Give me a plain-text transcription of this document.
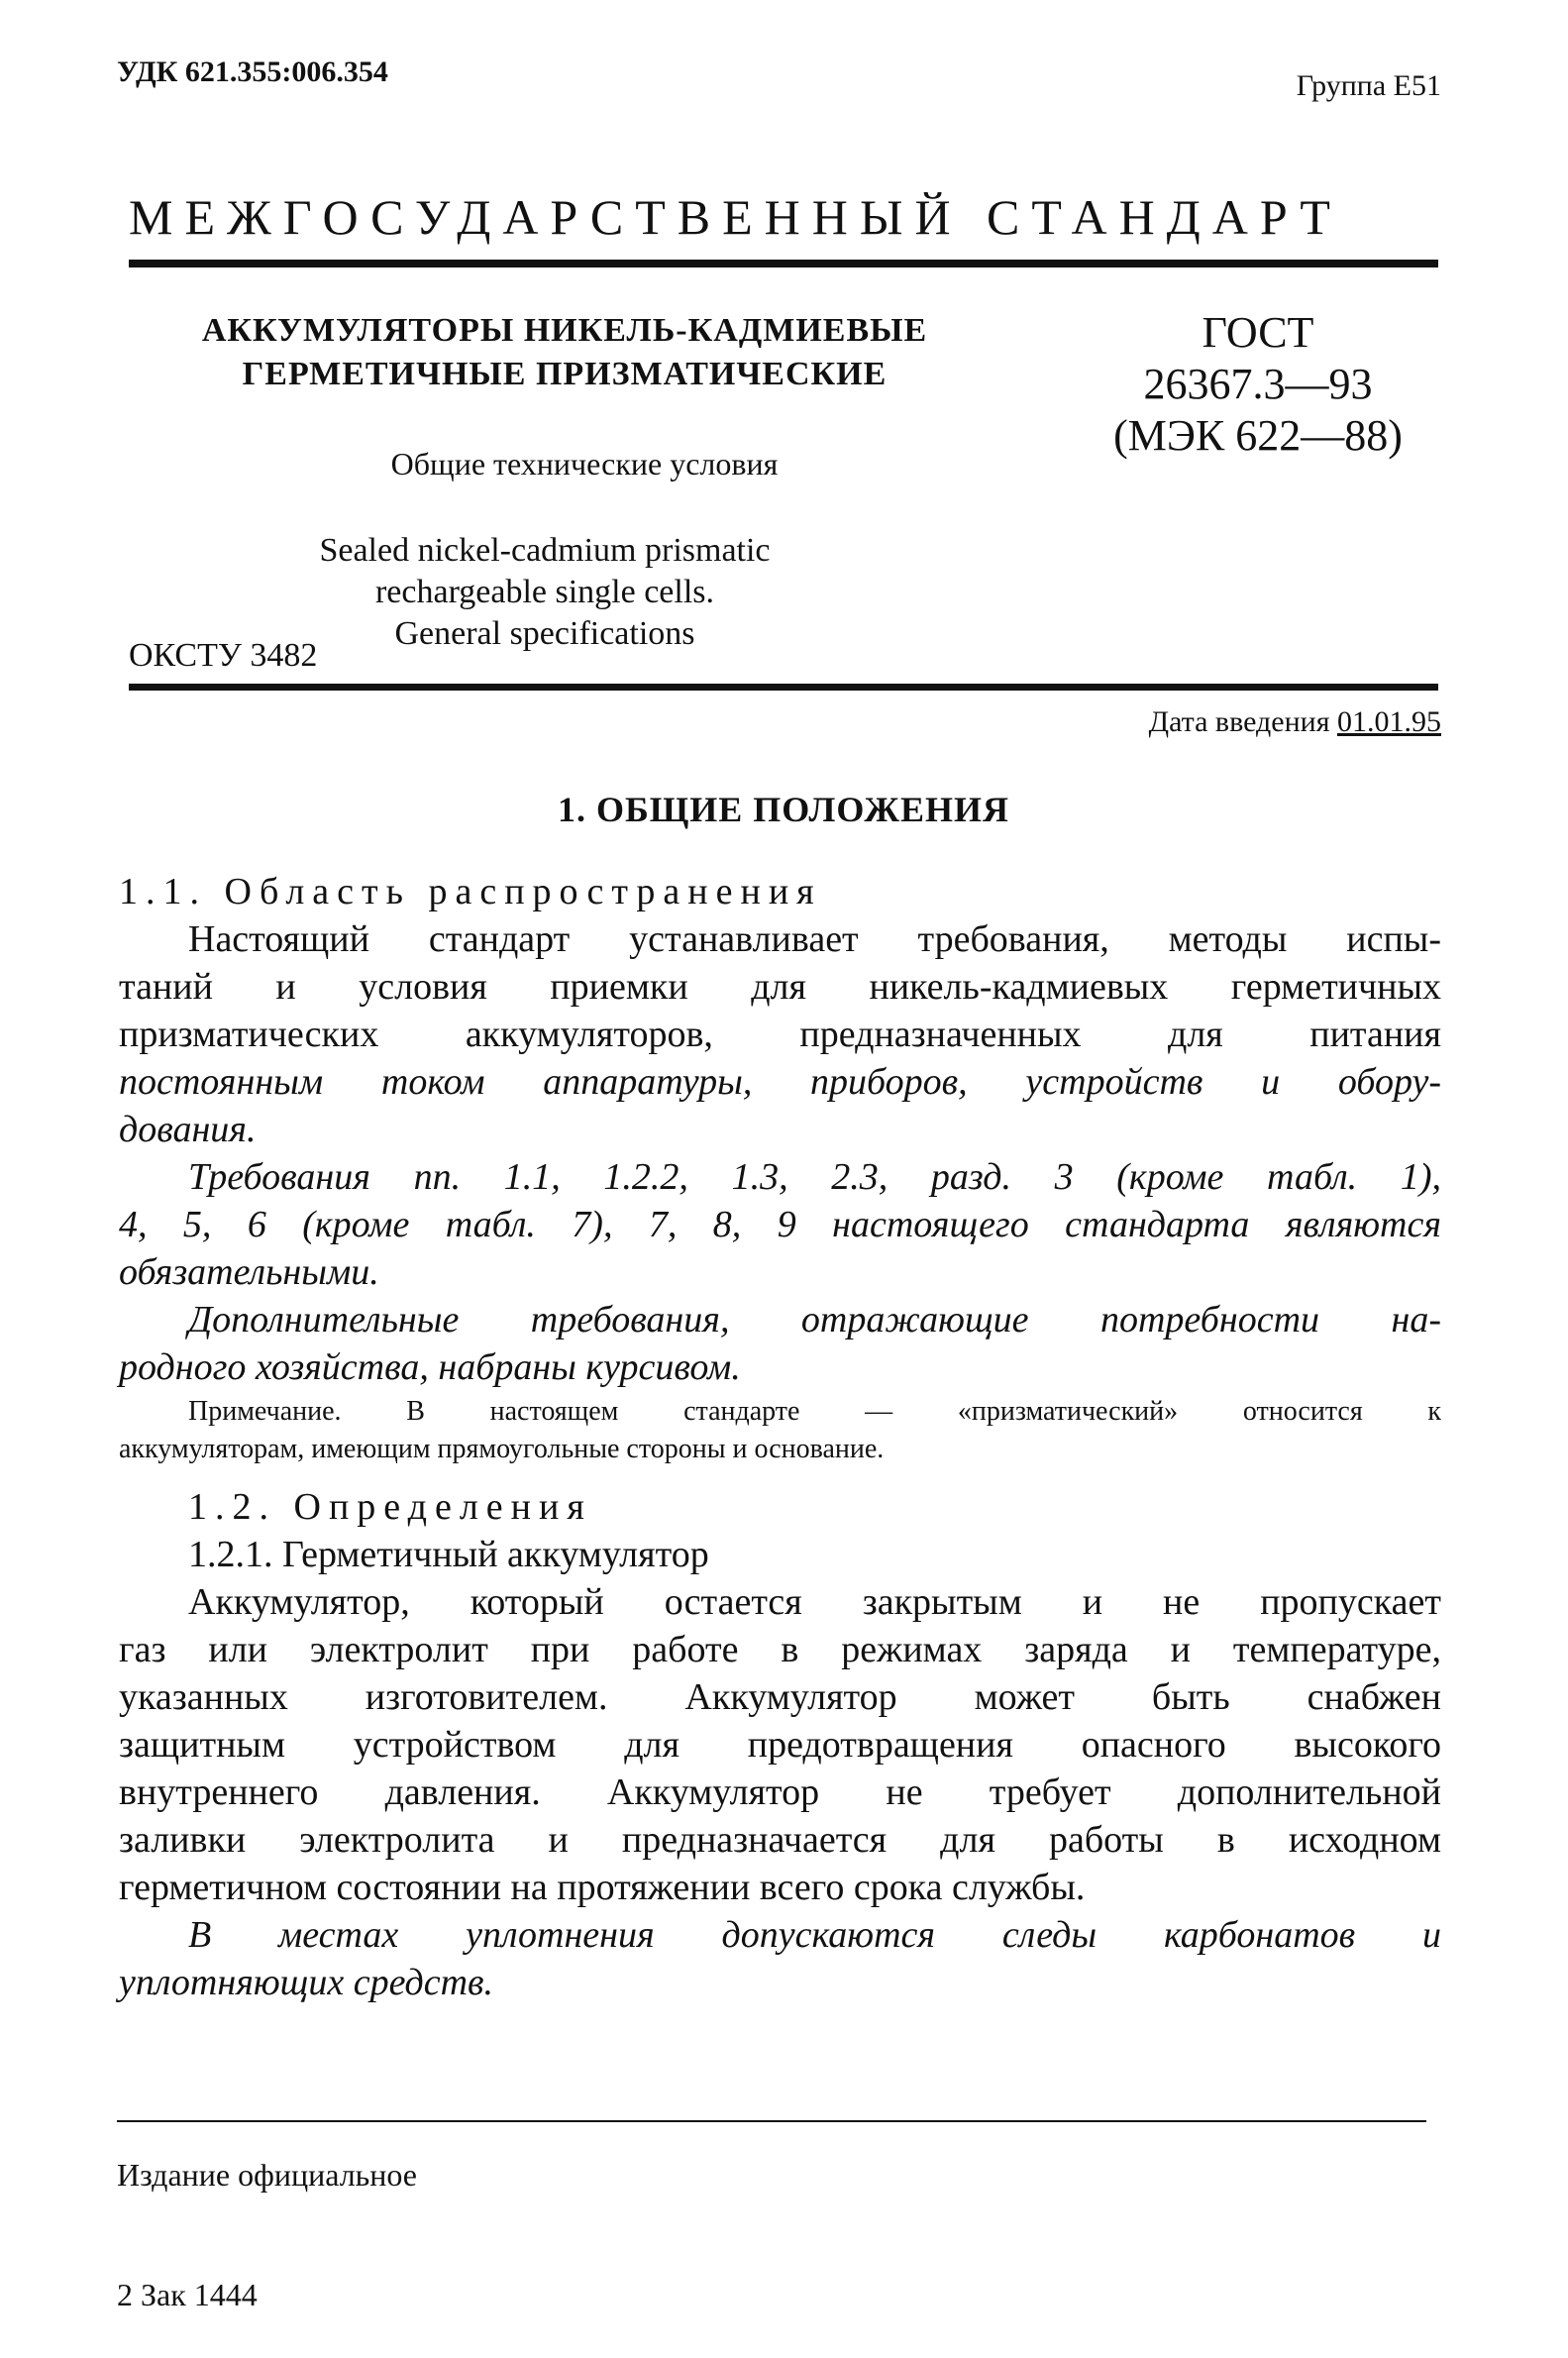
УДК 621.355:006.354	Группа Е51
МЕЖГОСУДАРСТВЕННЫЙ СТАНДАРТ
АККУМУЛЯТОРЫ НИКЕЛЬ-КАДМИЕВЫЕ
ГЕРМЕТИЧНЫЕ ПРИЗМАТИЧЕСКИЕ
Общие технические условия
Sealed nickel-cadmium prismatic
rechargeable single cells.
General specifications
ГОСТ
26367.3—93
(МЭК 622—88)
ОКСТУ 3482
Дата введения 01.01.95
1. ОБЩИЕ ПОЛОЖЕНИЯ
1.1. Область распространения
Настоящий стандарт устанавливает требования, методы испы-
таний и условия приемки для никель-кадмиевых герметичных
призматических аккумуляторов, предназначенных для питания
постоянным током аппаратуры, приборов, устройств и обору-
дования.
Требования пп. 1.1, 1.2.2, 1.3, 2.3, разд. 3 (кроме табл. 1),
4, 5, 6 (кроме табл. 7), 7, 8, 9 настоящего стандарта являются
обязательными.
Дополнительные требования, отражающие потребности на-
родного хозяйства, набраны курсивом.
Примечание. В настоящем стандарте — «призматический» относится к
аккумуляторам, имеющим прямоугольные стороны и основание.
1.2. Определения
1.2.1. Герметичный аккумулятор
Аккумулятор, который остается закрытым и не пропускает
газ или электролит при работе в режимах заряда и температуре,
указанных изготовителем. Аккумулятор может быть снабжен
защитным устройством для предотвращения опасного высокого
внутреннего давления. Аккумулятор не требует дополнительной
заливки электролита и предназначается для работы в исходном
герметичном состоянии на протяжении всего срока службы.
В местах уплотнения допускаются следы карбонатов и
уплотняющих средств.
Издание официальное
2 Зак 1444
